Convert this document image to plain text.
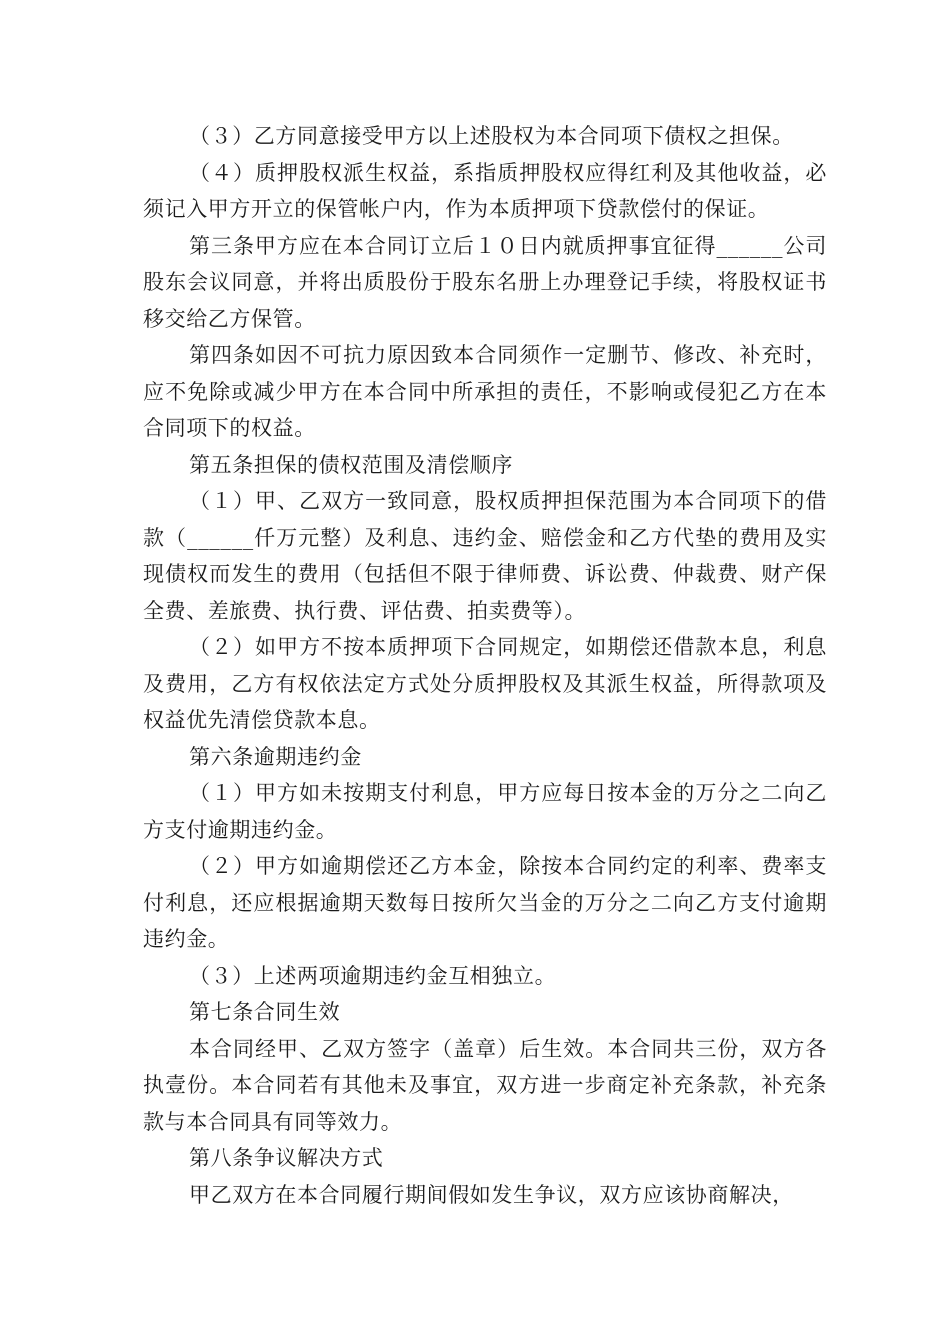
（３）乙方同意接受甲方以上述股权为本合同项下债权之担保。

（４）质押股权派生权益，系指质押股权应得红利及其他收益，必须记入甲方开立的保管帐户内，作为本质押项下贷款偿付的保证。

第三条甲方应在本合同订立后１０日内就质押事宜征得______公司股东会议同意，并将出质股份于股东名册上办理登记手续，将股权证书移交给乙方保管。

第四条如因不可抗力原因致本合同须作一定删节、修改、补充时，应不免除或减少甲方在本合同中所承担的责任，不影响或侵犯乙方在本合同项下的权益。

第五条担保的债权范围及清偿顺序

（１）甲、乙双方一致同意，股权质押担保范围为本合同项下的借款（______仟万元整）及利息、违约金、赔偿金和乙方代垫的费用及实现债权而发生的费用（包括但不限于律师费、诉讼费、仲裁费、财产保全费、差旅费、执行费、评估费、拍卖费等）。

（２）如甲方不按本质押项下合同规定，如期偿还借款本息，利息及费用，乙方有权依法定方式处分质押股权及其派生权益，所得款项及权益优先清偿贷款本息。

第六条逾期违约金

（１）甲方如未按期支付利息，甲方应每日按本金的万分之二向乙方支付逾期违约金。

（２）甲方如逾期偿还乙方本金，除按本合同约定的利率、费率支付利息，还应根据逾期天数每日按所欠当金的万分之二向乙方支付逾期违约金。

（３）上述两项逾期违约金互相独立。

第七条合同生效

本合同经甲、乙双方签字（盖章）后生效。本合同共三份，双方各执壹份。本合同若有其他未及事宜，双方进一步商定补充条款，补充条款与本合同具有同等效力。

第八条争议解决方式

甲乙双方在本合同履行期间假如发生争议，双方应该协商解决，
